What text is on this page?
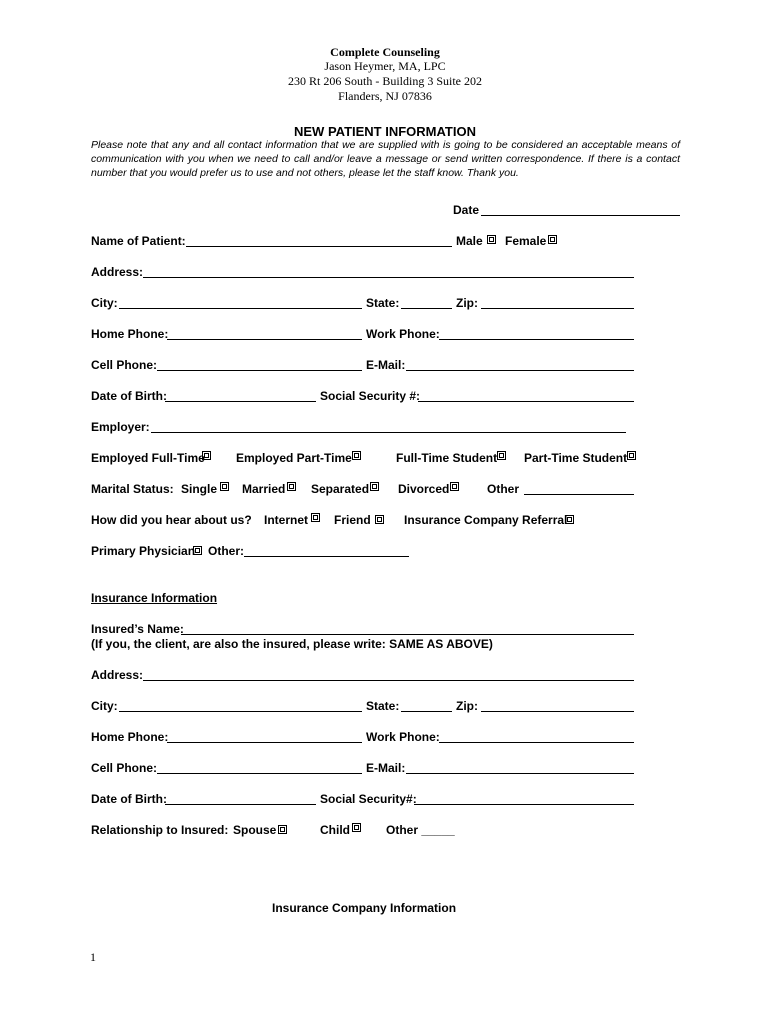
Complete Counseling
Jason Heymer, MA, LPC
230 Rt 206 South - Building 3 Suite 202
Flanders, NJ 07836
NEW PATIENT INFORMATION
Please note that any and all contact information that we are supplied with is going to be considered an acceptable means of communication with you when we need to call and/or leave a message or send written correspondence. If there is a contact number that you would prefer us to use and not others, please let the staff know. Thank you.
Date
Name of Patient:	Male Female
Address:
City:	State:	Zip:
Home Phone:	Work Phone:
Cell Phone:	E-Mail:
Date of Birth:	Social Security #:
Employer:
Employed Full-Time	Employed Part-Time	Full-Time Student Part-Time Student
Marital Status: Single Married Separated Divorced	Other
How did you hear about us? Internet Friend	Insurance Company Referral
Primary Physician Other:
Insurance Information
Insured’s Name:
(If you, the client, are also the insured, please write: SAME AS ABOVE)
Address:
City:	State:	Zip:
Home Phone:	Work Phone:
Cell Phone:	E-Mail:
Date of Birth:	Social Security#:
Relationship to Insured: Spouse	Child	Other _____
Insurance Company Information
1
